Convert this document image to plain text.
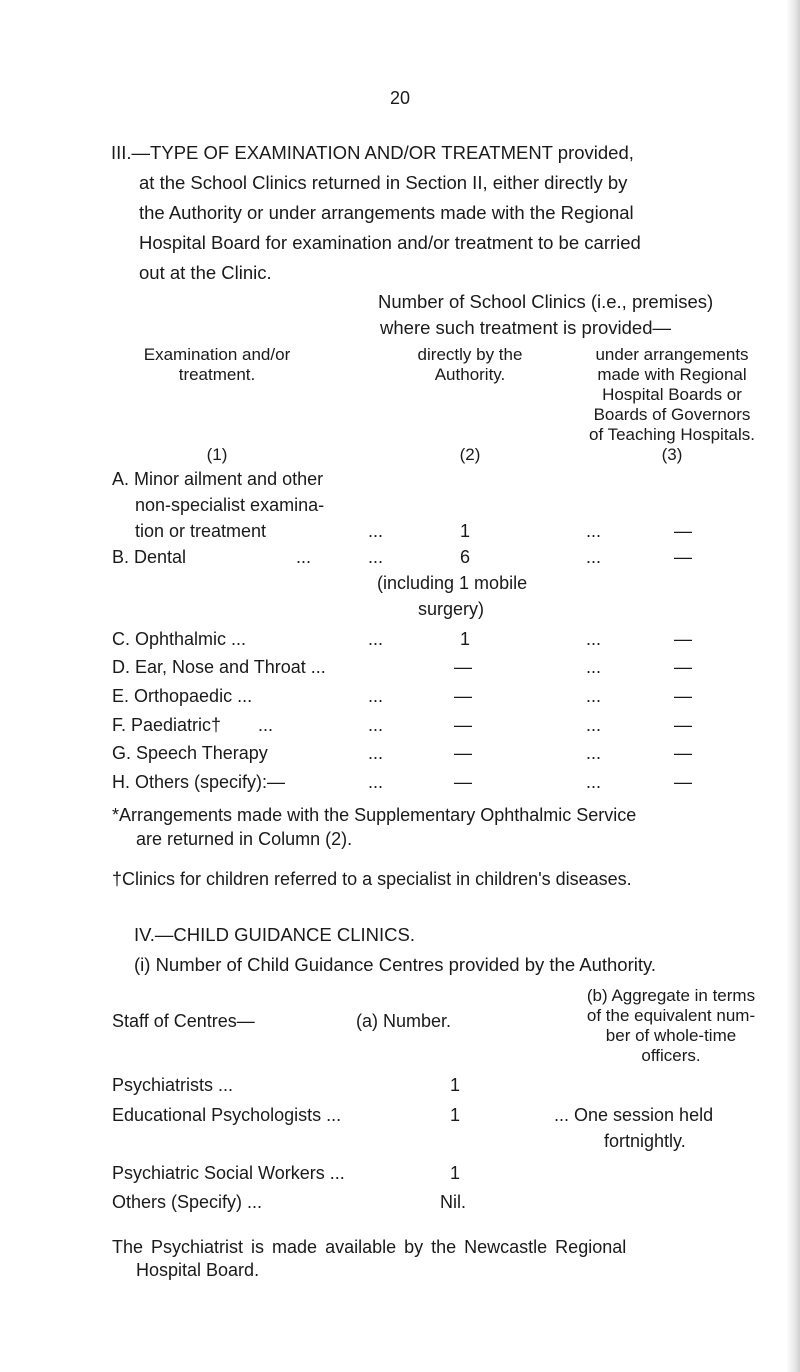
20
III.—TYPE OF EXAMINATION AND/OR TREATMENT provided,
at the School Clinics returned in Section II, either directly by
the Authority or under arrangements made with the Regional
Hospital Board for examination and/or treatment to be carried
out at the Clinic.
Number of School Clinics (i.e., premises)
where such treatment is provided—
Examination and/or
treatment.
directly by the
Authority.
under arrangements
made with Regional
Hospital Boards or
Boards of Governors
of Teaching Hospitals.
(1)	(2)	(3)
A. Minor ailment and other
non-specialist examina-
tion or treatment	...	1	...	—
B. Dental	...	...	6	...	—
(including 1 mobile
surgery)
C. Ophthalmic ...	...	1	...	—
D. Ear, Nose and Throat ...	—	...	—
E. Orthopaedic ...	...	—	...	—
F. Paediatric† ...	...	—	...	—
G. Speech Therapy	...	—	...	—
H. Others (specify):—	...	—	...	—
*Arrangements made with the Supplementary Ophthalmic Service
are returned in Column (2).
†Clinics for children referred to a specialist in children's diseases.
IV.—CHILD GUIDANCE CLINICS.
(i) Number of Child Guidance Centres provided by the Authority.
Staff of Centres—	(a) Number.
(b) Aggregate in terms
of the equivalent num-
ber of whole-time
officers.
Psychiatrists ...	1
Educational Psychologists ...	1	... One session held
fortnightly.
Psychiatric Social Workers ...	1
Others (Specify) ...	Nil.
The Psychiatrist is made available by the Newcastle Regional
Hospital Board.
